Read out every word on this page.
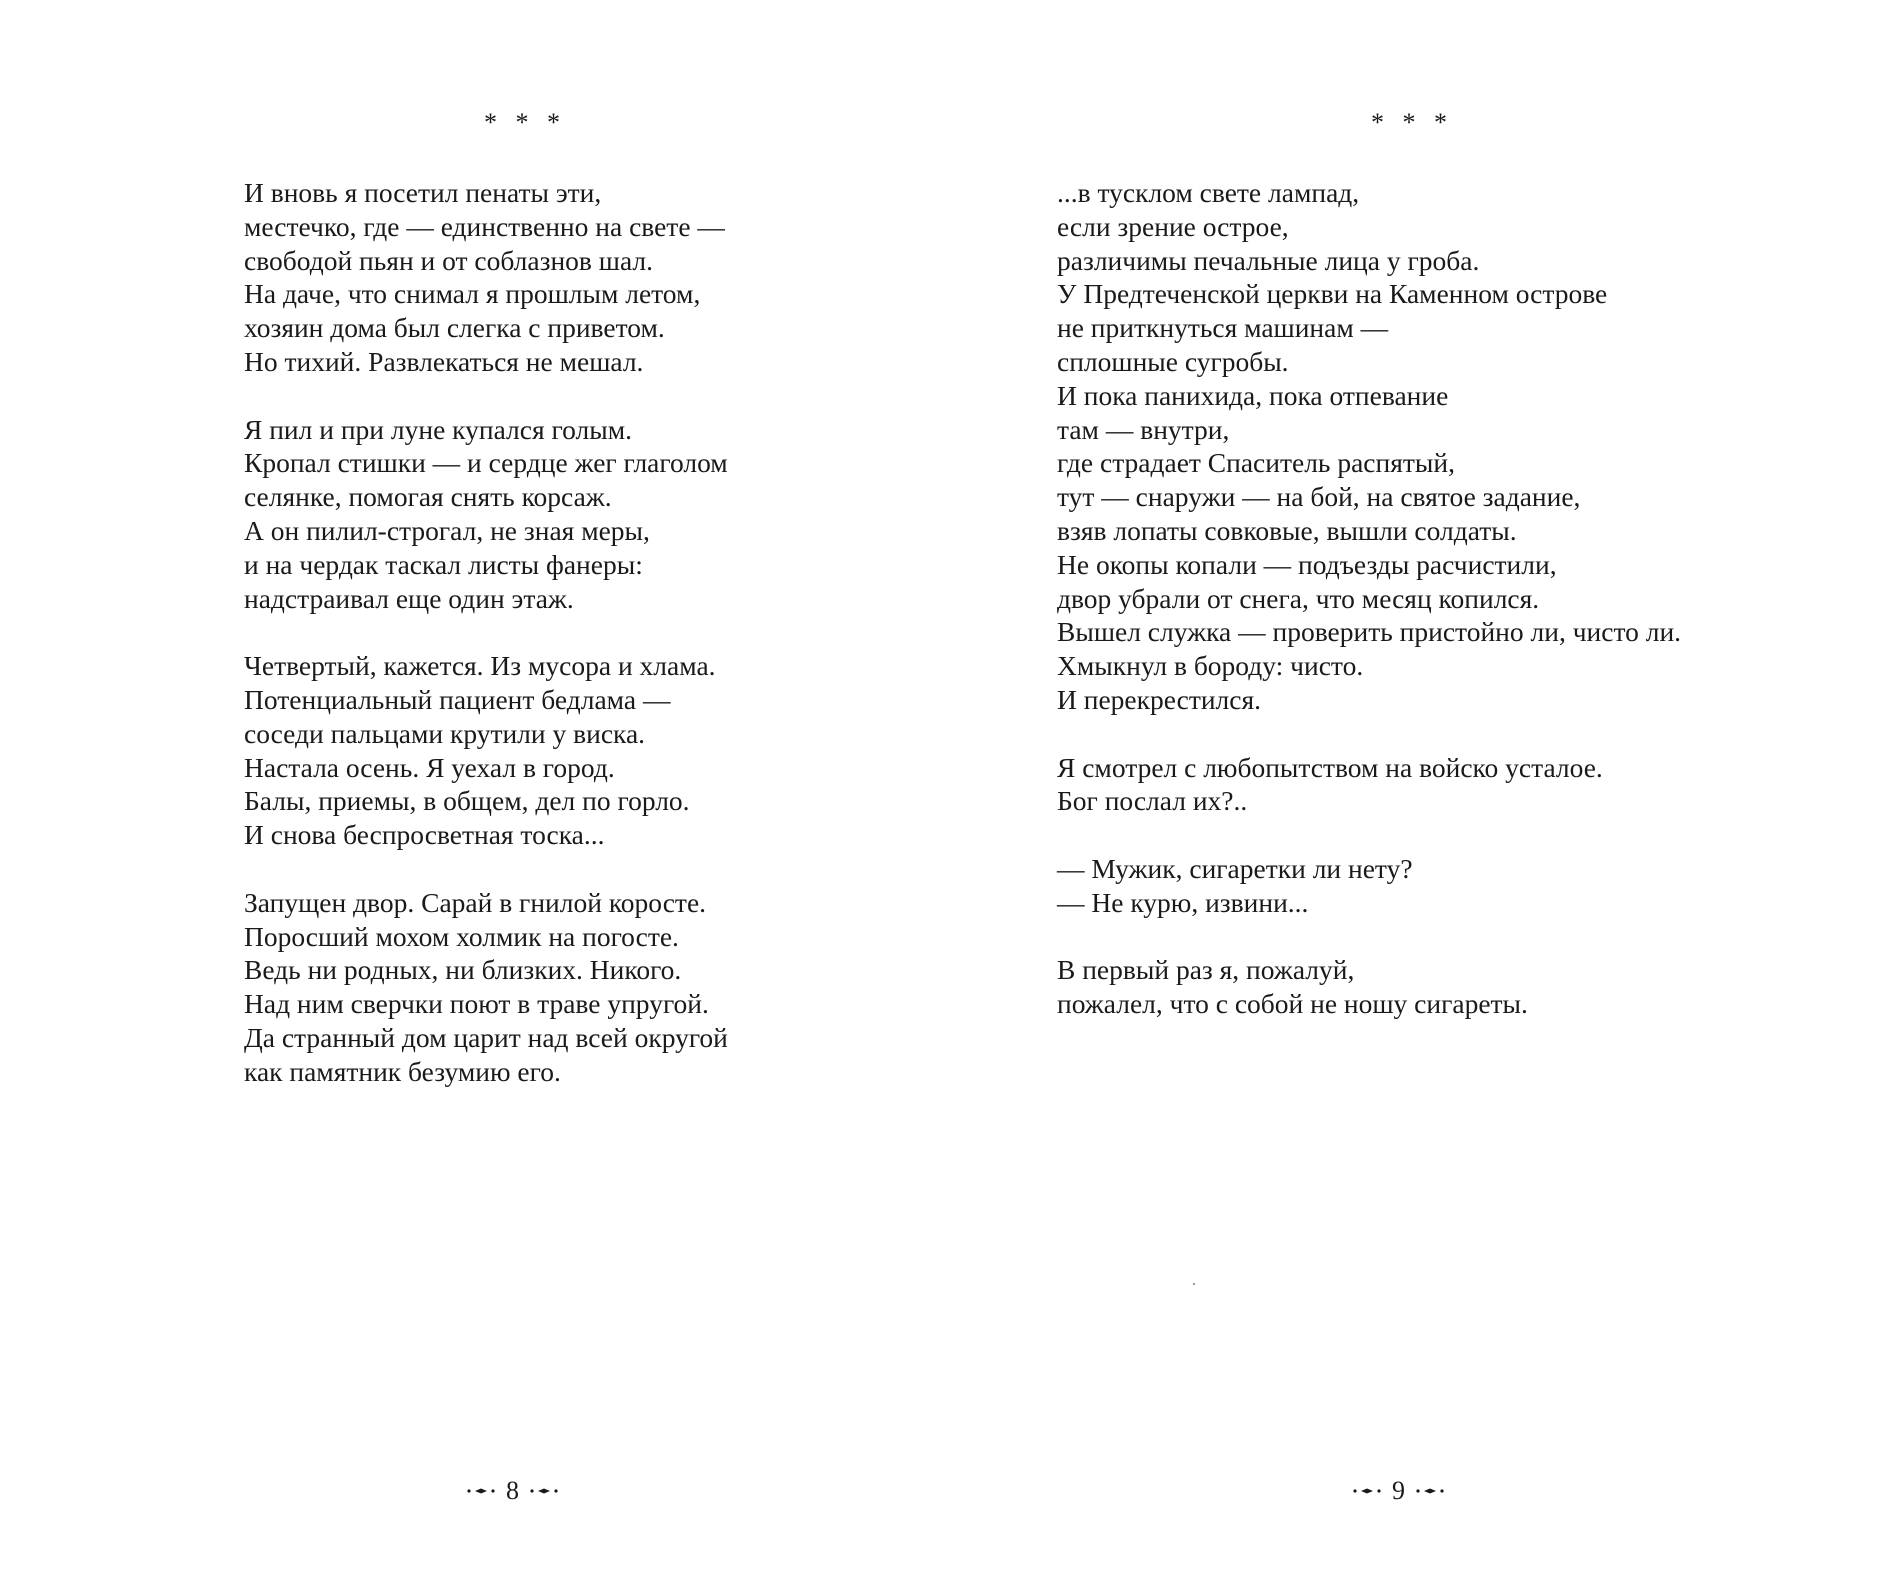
* * *
И вновь я посетил пенаты эти,
местечко, где — единственно на свете —
свободой пьян и от соблазнов шал.
На даче, что снимал я прошлым летом,
хозяин дома был слегка с приветом.
Но тихий. Развлекаться не мешал.
Я пил и при луне купался голым.
Кропал стишки — и сердце жег глаголом
селянке, помогая снять корсаж.
А он пилил-строгал, не зная меры,
и на чердак таскал листы фанеры:
надстраивал еще один этаж.
Четвертый, кажется. Из мусора и хлама.
Потенциальный пациент бедлама —
соседи пальцами крутили у виска.
Настала осень. Я уехал в город.
Балы, приемы, в общем, дел по горло.
И снова беспросветная тоска...
Запущен двор. Сарай в гнилой коросте.
Поросший мохом холмик на погосте.
Ведь ни родных, ни близких. Никого.
Над ним сверчки поют в траве упругой.
Да странный дом царит над всей округой
как памятник безумию его.
8
* * *
...в тусклом свете лампад,
если зрение острое,
различимы печальные лица у гроба.
У Предтеченской церкви на Каменном острове
не приткнуться машинам —
сплошные сугробы.
И пока панихида, пока отпевание
там — внутри,
где страдает Спаситель распятый,
тут — снаружи — на бой, на святое задание,
взяв лопаты совковые, вышли солдаты.
Не окопы копали — подъезды расчистили,
двор убрали от снега, что месяц копился.
Вышел служка — проверить пристойно ли, чисто ли.
Хмыкнул в бороду: чисто.
И перекрестился.
Я смотрел с любопытством на войско усталое.
Бог послал их?..
— Мужик, сигаретки ли нету?
— Не курю, извини...
В первый раз я, пожалуй,
пожалел, что с собой не ношу сигареты.
9
